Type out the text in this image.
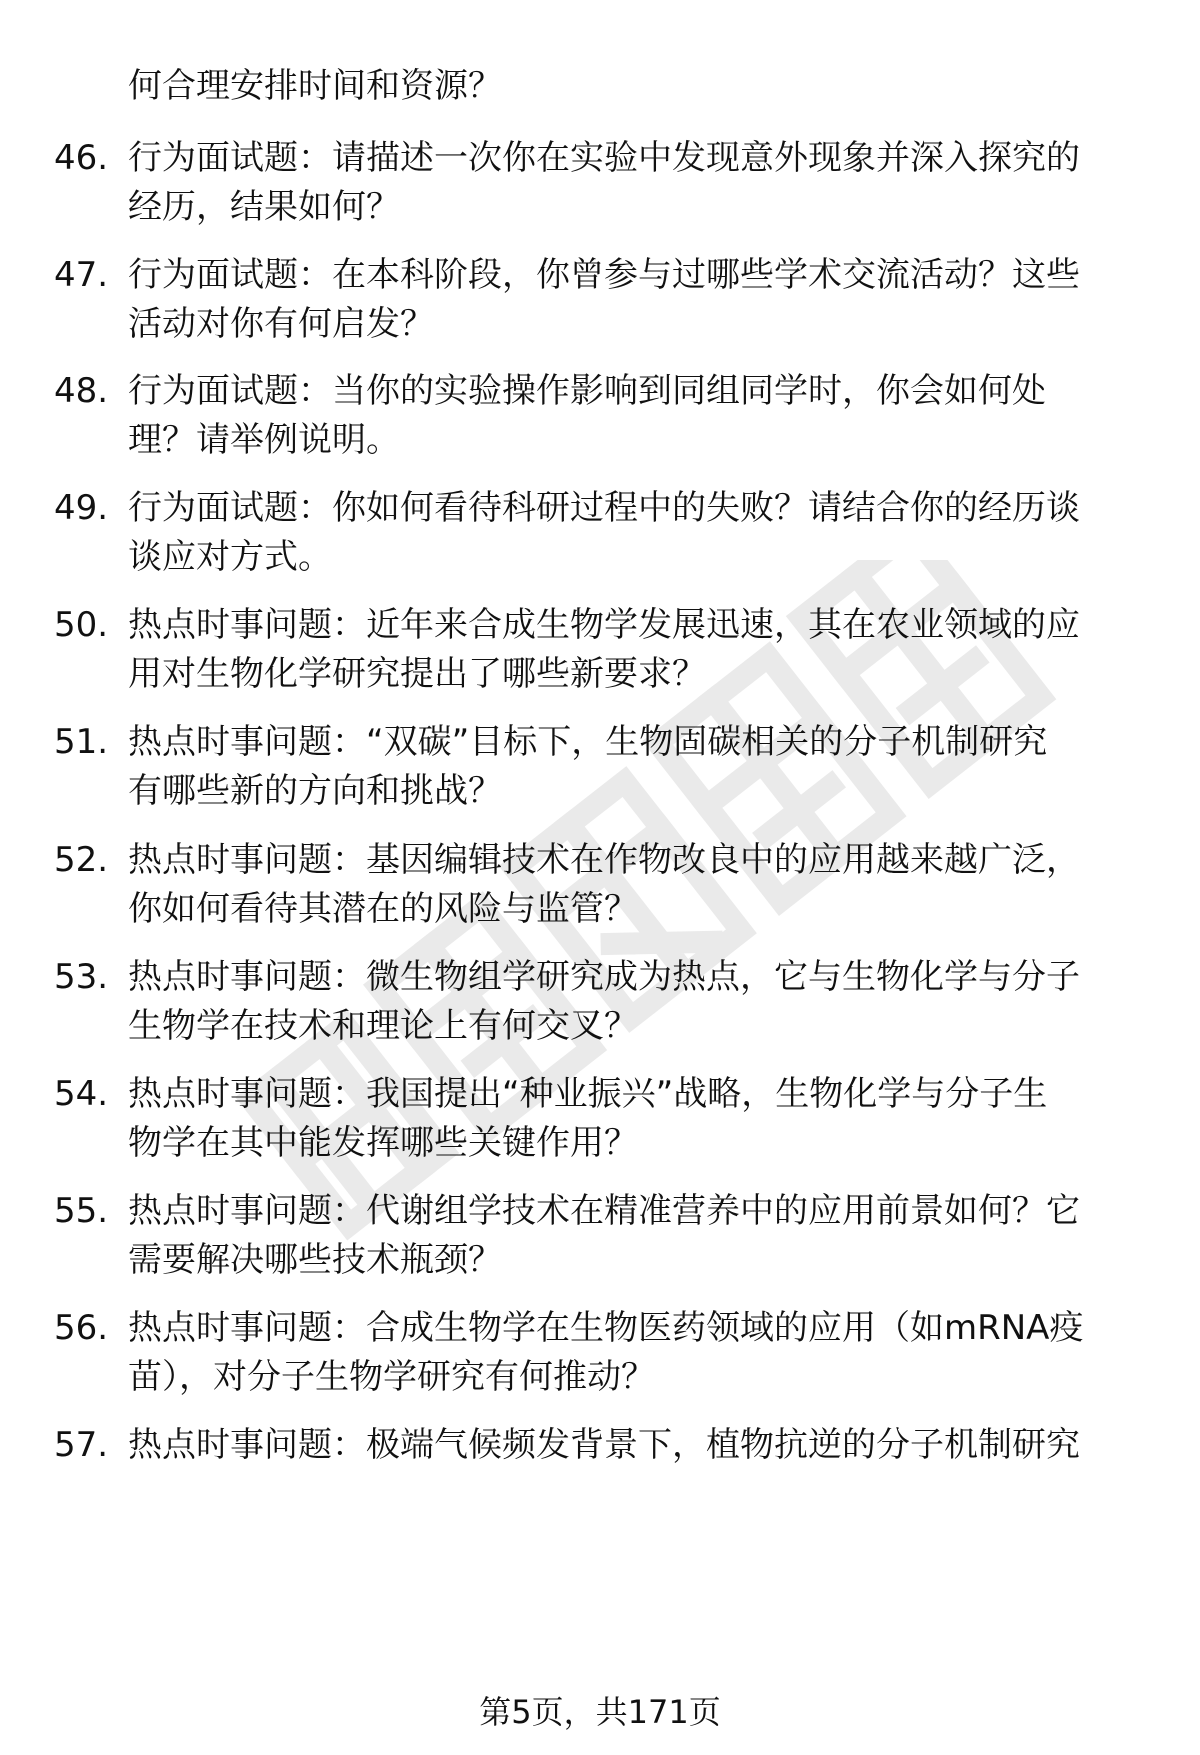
何合理安排时间和资源？
46. 行为面试题：请描述一次你在实验中发现意外现象并深入探究的
经历，结果如何？
47. 行为面试题：在本科阶段，你曾参与过哪些学术交流活动？这些
活动对你有何启发？
48. 行为面试题：当你的实验操作影响到同组同学时，你会如何处
理？请举例说明。
49. 行为面试题：你如何看待科研过程中的失败？请结合你的经历谈
谈应对方式。
50. 热点时事问题：近年来合成生物学发展迅速，其在农业领域的应
用对生物化学研究提出了哪些新要求？
51. 热点时事问题：“双碳”目标下，生物固碳相关的分子机制研究
有哪些新的方向和挑战？
52. 热点时事问题：基因编辑技术在作物改良中的应用越来越广泛，
你如何看待其潜在的风险与监管？
53. 热点时事问题：微生物组学研究成为热点，它与生物化学与分子
生物学在技术和理论上有何交叉？
54. 热点时事问题：我国提出“种业振兴”战略，生物化学与分子生
物学在其中能发挥哪些关键作用？
55. 热点时事问题：代谢组学技术在精准营养中的应用前景如何？它
需要解决哪些技术瓶颈？
56. 热点时事问题：合成生物学在生物医药领域的应用（如mRNA疫
苗），对分子生物学研究有何推动？
57. 热点时事问题：极端气候频发背景下，植物抗逆的分子机制研究
第5页，共171页
